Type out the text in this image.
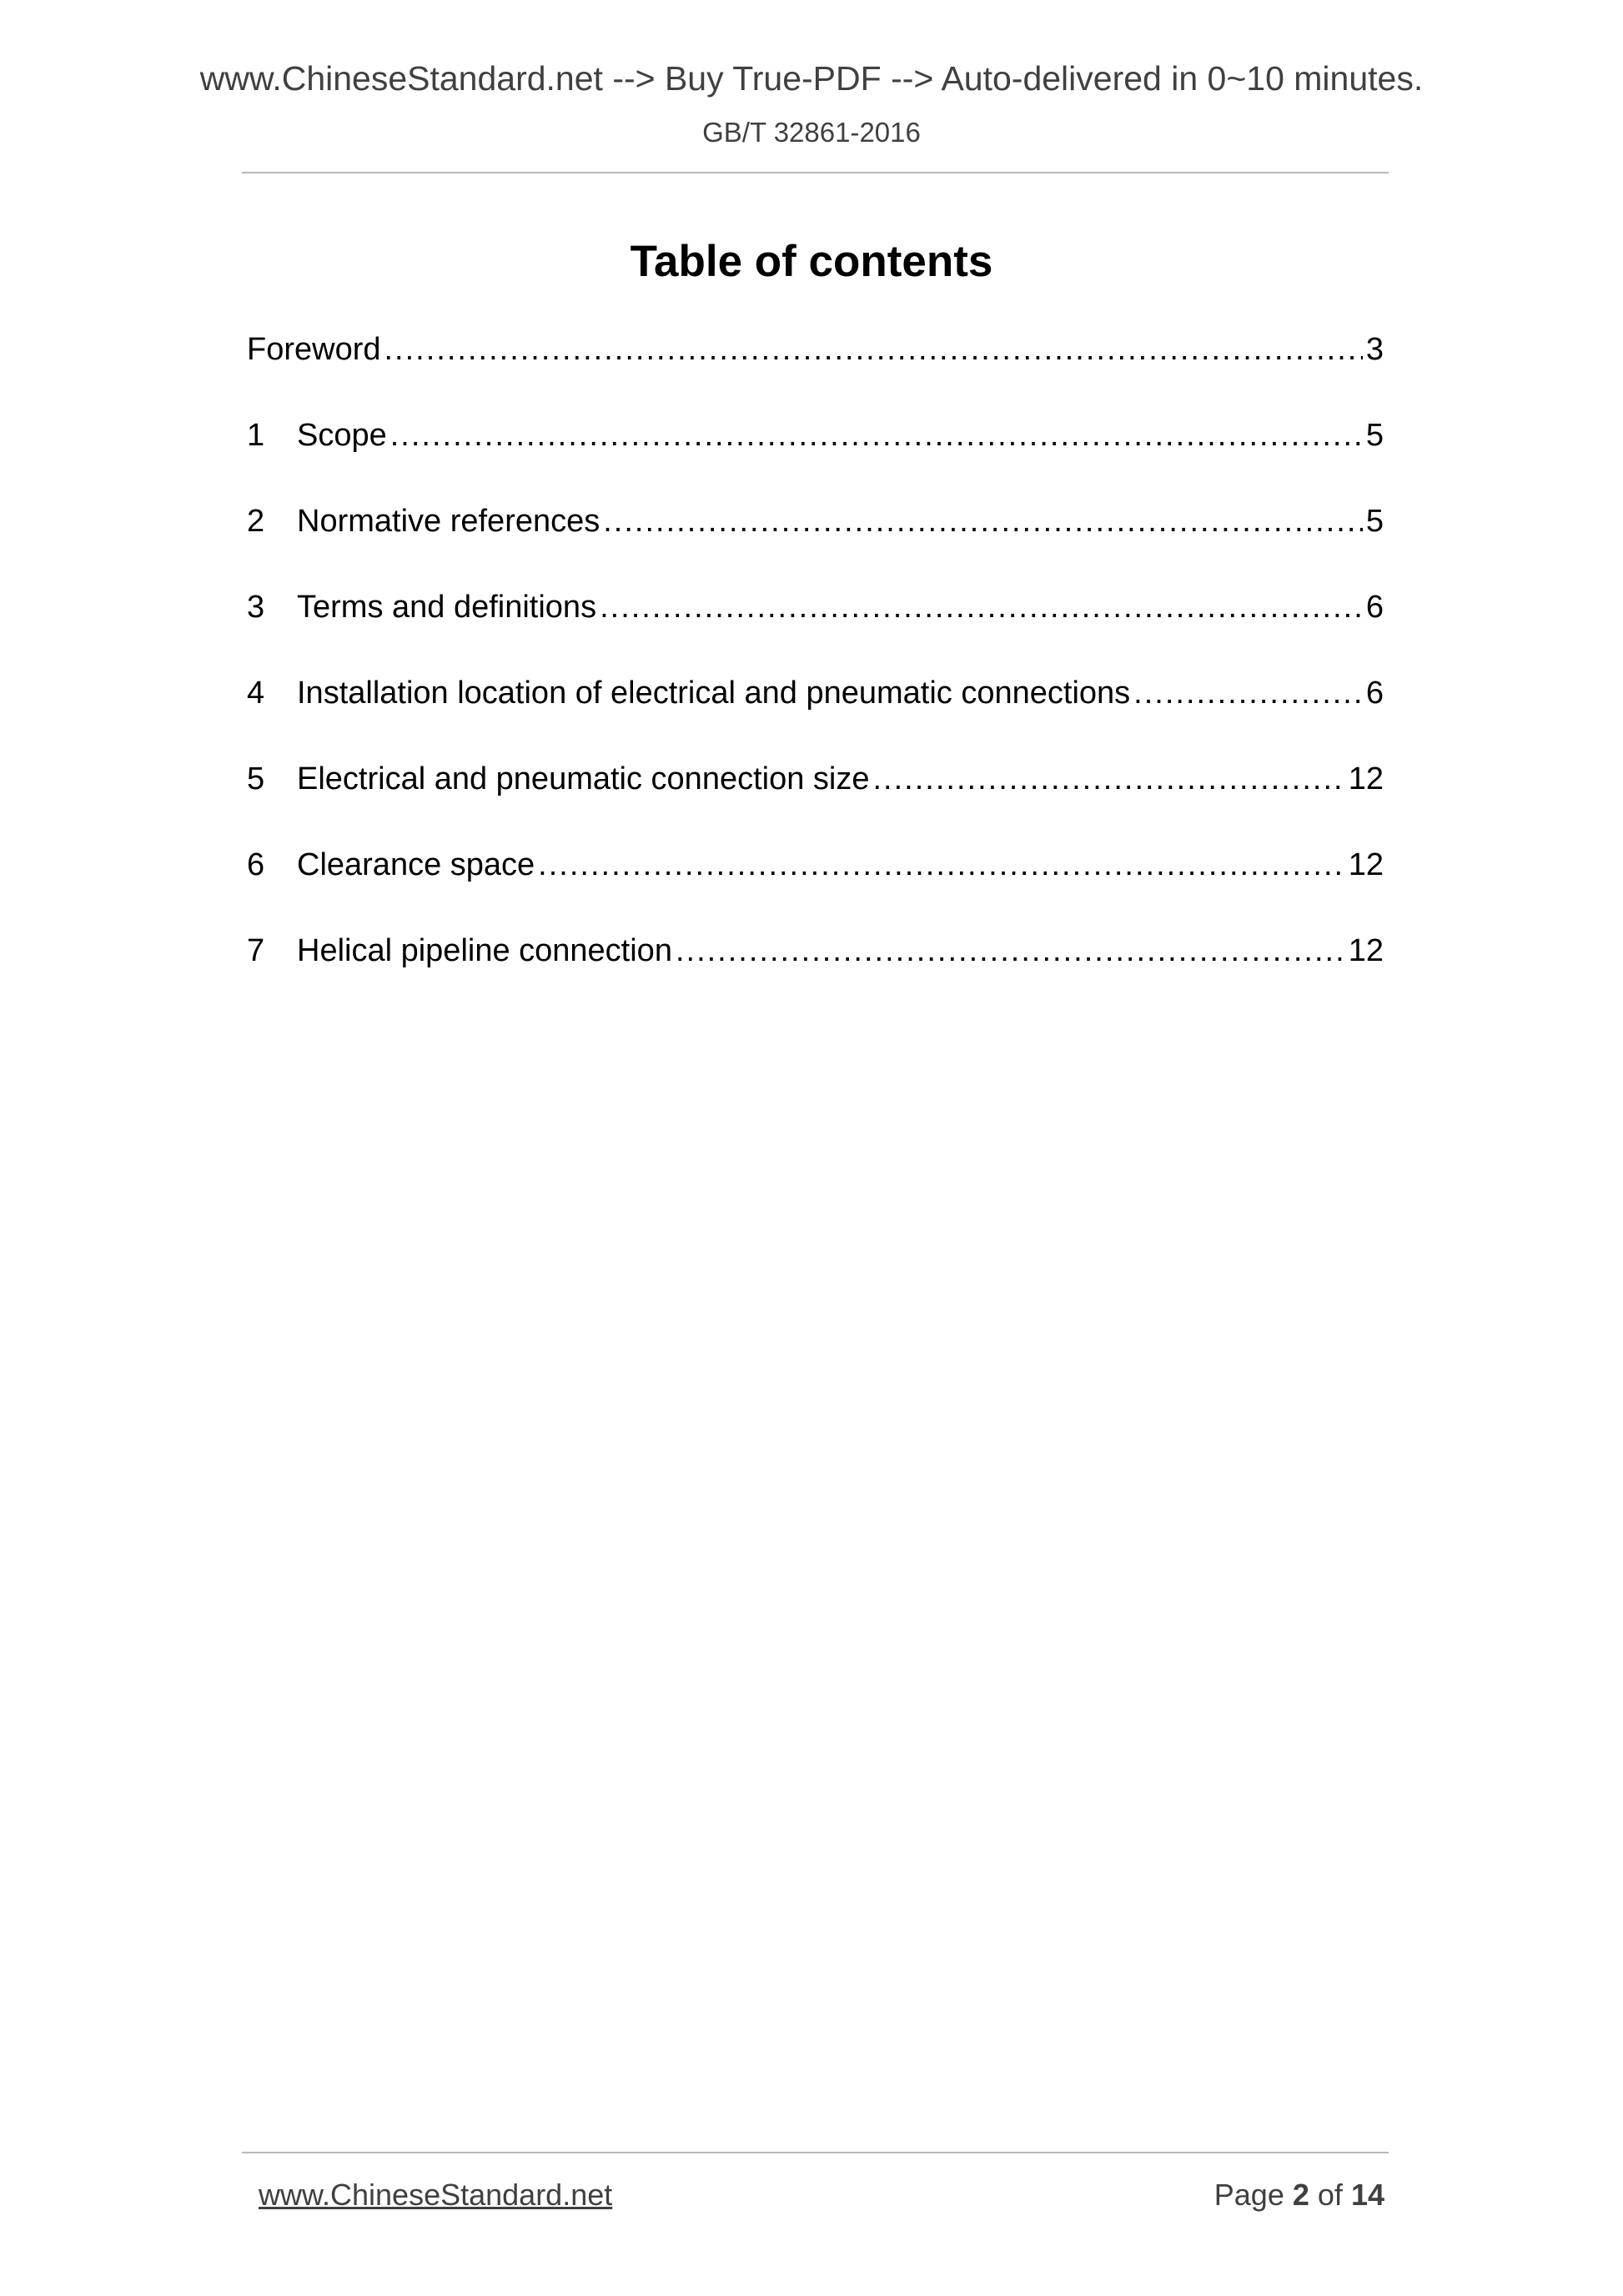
www.ChineseStandard.net --> Buy True-PDF --> Auto-delivered in 0~10 minutes.
GB/T 32861-2016
Table of contents
Foreword .....	3
1	Scope .....	5
2	Normative references .....	5
3	Terms and definitions .....	6
4	Installation location of electrical and pneumatic connections .....	6
5	Electrical and pneumatic connection size .....	12
6	Clearance space .....	12
7	Helical pipeline connection .....	12
www.ChineseStandard.net	Page 2 of 14
